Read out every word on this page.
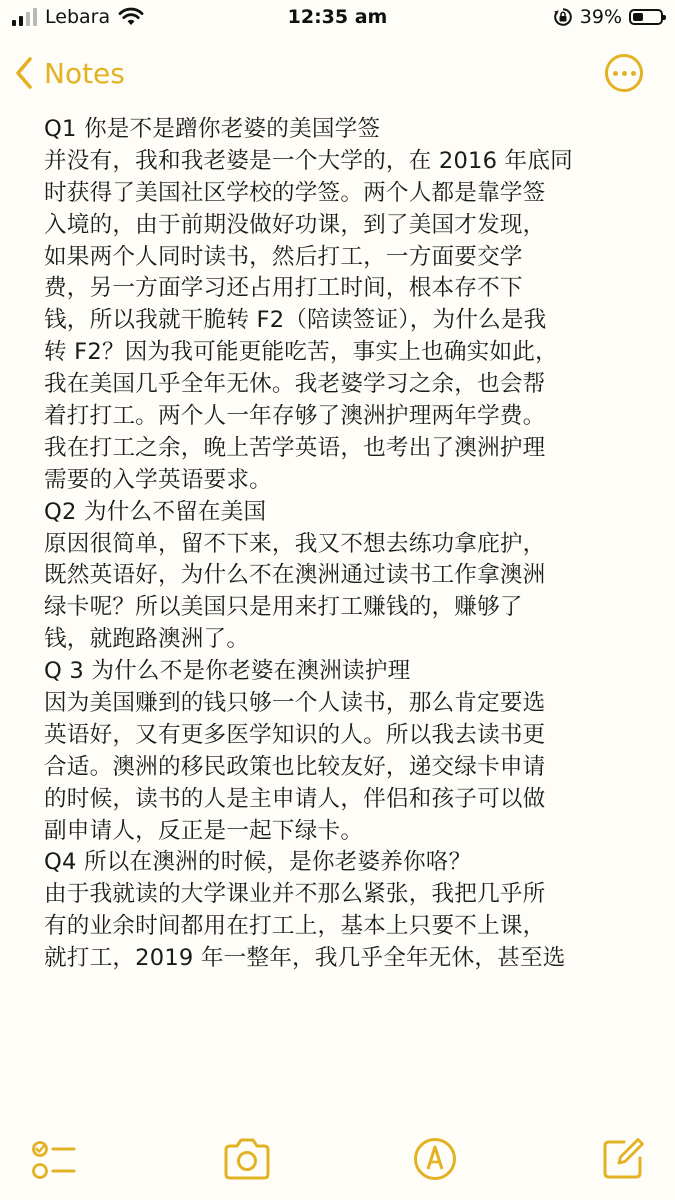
Lebara	12:35 am	39%
Notes
Q1 你是不是蹭你老婆的美国学签
并没有，我和我老婆是一个大学的，在 2016 年底同
时获得了美国社区学校的学签。两个人都是靠学签
入境的，由于前期没做好功课，到了美国才发现，
如果两个人同时读书，然后打工，一方面要交学
费，另一方面学习还占用打工时间，根本存不下
钱，所以我就干脆转 F2（陪读签证），为什么是我
转 F2？因为我可能更能吃苦，事实上也确实如此，
我在美国几乎全年无休。我老婆学习之余，也会帮
着打打工。两个人一年存够了澳洲护理两年学费。
我在打工之余，晚上苦学英语，也考出了澳洲护理
需要的入学英语要求。
Q2 为什么不留在美国
原因很简单，留不下来，我又不想去练功拿庇护，
既然英语好，为什么不在澳洲通过读书工作拿澳洲
绿卡呢？所以美国只是用来打工赚钱的，赚够了
钱，就跑路澳洲了。
Q 3 为什么不是你老婆在澳洲读护理
因为美国赚到的钱只够一个人读书，那么肯定要选
英语好，又有更多医学知识的人。所以我去读书更
合适。澳洲的移民政策也比较友好，递交绿卡申请
的时候，读书的人是主申请人，伴侣和孩子可以做
副申请人，反正是一起下绿卡。
Q4 所以在澳洲的时候，是你老婆养你咯？
由于我就读的大学课业并不那么紧张，我把几乎所
有的业余时间都用在打工上，基本上只要不上课，
就打工，2019 年一整年，我几乎全年无休，甚至选
